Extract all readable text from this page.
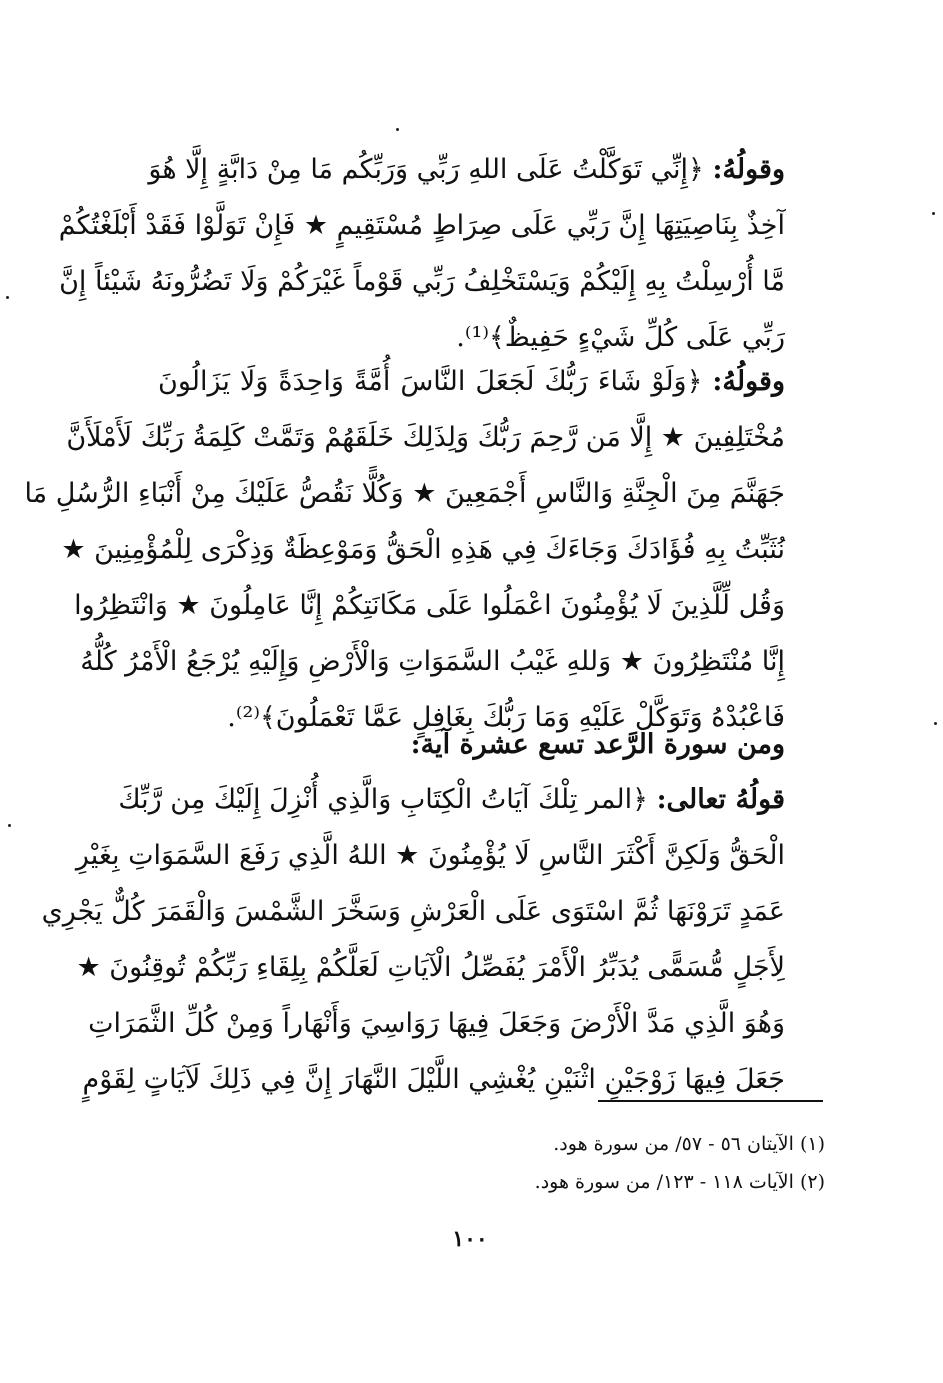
وقولُهُ: ﴿إِنِّي تَوَكَّلْتُ عَلَى اللهِ رَبِّي وَرَبِّكُم مَا مِنْ دَابَّةٍ إِلَّا هُوَ
آخِذٌ بِنَاصِيَتِهَا إِنَّ رَبِّي عَلَى صِرَاطٍ مُسْتَقِيمٍ ★ فَإِنْ تَوَلَّوْا فَقَدْ أَبْلَغْتُكُمْ
مَّا أُرْسِلْتُ بِهِ إِلَيْكُمْ وَيَسْتَخْلِفُ رَبِّي قَوْماً غَيْرَكُمْ وَلَا تَضُرُّونَهُ شَيْئاً إِنَّ
رَبِّي عَلَى كُلِّ شَيْءٍ حَفِيظٌ﴾⁽¹⁾.
وقولُهُ: ﴿وَلَوْ شَاءَ رَبُّكَ لَجَعَلَ النَّاسَ أُمَّةً وَاحِدَةً وَلَا يَزَالُونَ
مُخْتَلِفِينَ ★ إِلَّا مَن رَّحِمَ رَبُّكَ وَلِذَلِكَ خَلَقَهُمْ وَتَمَّتْ كَلِمَةُ رَبِّكَ لَأَمْلَأَنَّ
جَهَنَّمَ مِنَ الْجِنَّةِ وَالنَّاسِ أَجْمَعِينَ ★ وَكُلًّا نَقُصُّ عَلَيْكَ مِنْ أَنْبَاءِ الرُّسُلِ مَا
نُثَبِّتُ بِهِ فُؤَادَكَ وَجَاءَكَ فِي هَذِهِ الْحَقُّ وَمَوْعِظَةٌ وَذِكْرَى لِلْمُؤْمِنِينَ ★
وَقُل لِّلَّذِينَ لَا يُؤْمِنُونَ اعْمَلُوا عَلَى مَكَانَتِكُمْ إِنَّا عَامِلُونَ ★ وَانْتَظِرُوا
إِنَّا مُنْتَظِرُونَ ★ وَللهِ غَيْبُ السَّمَوَاتِ وَالْأَرْضِ وَإِلَيْهِ يُرْجَعُ الْأَمْرُ كُلُّهُ
فَاعْبُدْهُ وَتَوَكَّلْ عَلَيْهِ وَمَا رَبُّكَ بِغَافِلٍ عَمَّا تَعْمَلُونَ﴾⁽²⁾.
ومن سورة الرَّعد تسع عشرة آية:
قولُهُ تعالى: ﴿المر تِلْكَ آيَاتُ الْكِتَابِ وَالَّذِي أُنْزِلَ إِلَيْكَ مِن رَّبِّكَ
الْحَقُّ وَلَكِنَّ أَكْثَرَ النَّاسِ لَا يُؤْمِنُونَ ★ اللهُ الَّذِي رَفَعَ السَّمَوَاتِ بِغَيْرِ
عَمَدٍ تَرَوْنَهَا ثُمَّ اسْتَوَى عَلَى الْعَرْشِ وَسَخَّرَ الشَّمْسَ وَالْقَمَرَ كُلٌّ يَجْرِي
لِأَجَلٍ مُّسَمًّى يُدَبِّرُ الْأَمْرَ يُفَصِّلُ الْآيَاتِ لَعَلَّكُمْ بِلِقَاءِ رَبِّكُمْ تُوقِنُونَ ★
وَهُوَ الَّذِي مَدَّ الْأَرْضَ وَجَعَلَ فِيهَا رَوَاسِيَ وَأَنْهَاراً وَمِنْ كُلِّ الثَّمَرَاتِ
جَعَلَ فِيهَا زَوْجَيْنِ اثْنَيْنِ يُغْشِي اللَّيْلَ النَّهَارَ إِنَّ فِي ذَلِكَ لَآيَاتٍ لِقَوْمٍ
(١) الآيتان ٥٦ - ٥٧/ من سورة هود.
(٢) الآيات ١١٨ - ١٢٣/ من سورة هود.
١٠٠
